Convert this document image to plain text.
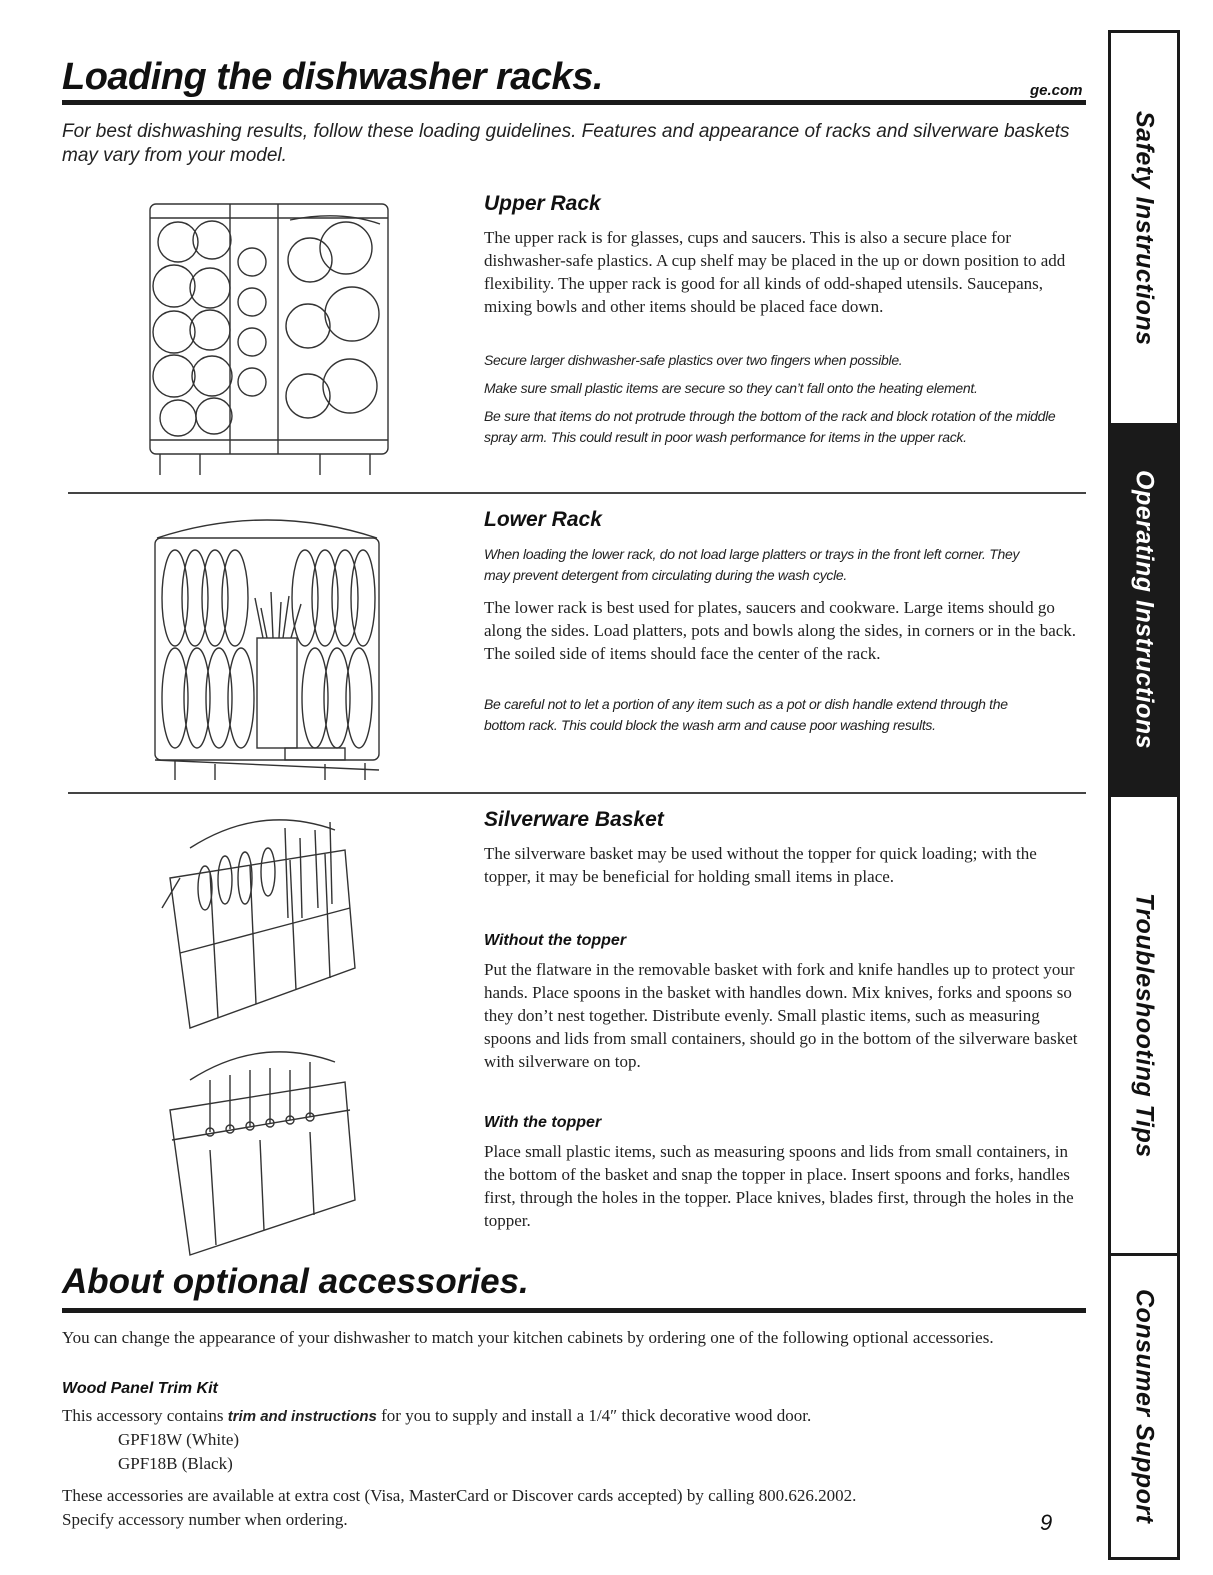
Loading the dishwasher racks.	ge.com

For best dishwashing results, follow these loading guidelines. Features and appearance of racks and silverware baskets may vary from your model.

Upper Rack

The upper rack is for glasses, cups and saucers. This is also a secure place for dishwasher-safe plastics. A cup shelf may be placed in the up or down position to add flexibility. The upper rack is good for all kinds of odd-shaped utensils. Saucepans, mixing bowls and other items should be placed face down.

Secure larger dishwasher-safe plastics over two fingers when possible.

Make sure small plastic items are secure so they can’t fall onto the heating element.

Be sure that items do not protrude through the bottom of the rack and block rotation of the middle spray arm. This could result in poor wash performance for items in the upper rack.

Lower Rack

When loading the lower rack, do not load large platters or trays in the front left corner. They may prevent detergent from circulating during the wash cycle.

The lower rack is best used for plates, saucers and cookware. Large items should go along the sides. Load platters, pots and bowls along the sides, in corners or in the back. The soiled side of items should face the center of the rack.

Be careful not to let a portion of any item such as a pot or dish handle extend through the bottom rack. This could block the wash arm and cause poor washing results.

Silverware Basket

The silverware basket may be used without the topper for quick loading; with the topper, it may be beneficial for holding small items in place.

Without the topper

Put the flatware in the removable basket with fork and knife handles up to protect your hands. Place spoons in the basket with handles down. Mix knives, forks and spoons so they don’t nest together. Distribute evenly. Small plastic items, such as measuring spoons and lids from small containers, should go in the bottom of the silverware basket with silverware on top.

With the topper

Place small plastic items, such as measuring spoons and lids from small containers, in the bottom of the basket and snap the topper in place. Insert spoons and forks, handles first, through the holes in the topper. Place knives, blades first, through the holes in the topper.

About optional accessories.

You can change the appearance of your dishwasher to match your kitchen cabinets by ordering one of the following optional accessories.

Wood Panel Trim Kit

This accessory contains trim and instructions for you to supply and install a 1/4″ thick decorative wood door.

GPF18W (White)

GPF18B (Black)

These accessories are available at extra cost (Visa, MasterCard or Discover cards accepted) by calling 800.626.2002.

Specify accessory number when ordering.	9
Safety Instructions
Operating Instructions
Troubleshooting Tips
Consumer Support
